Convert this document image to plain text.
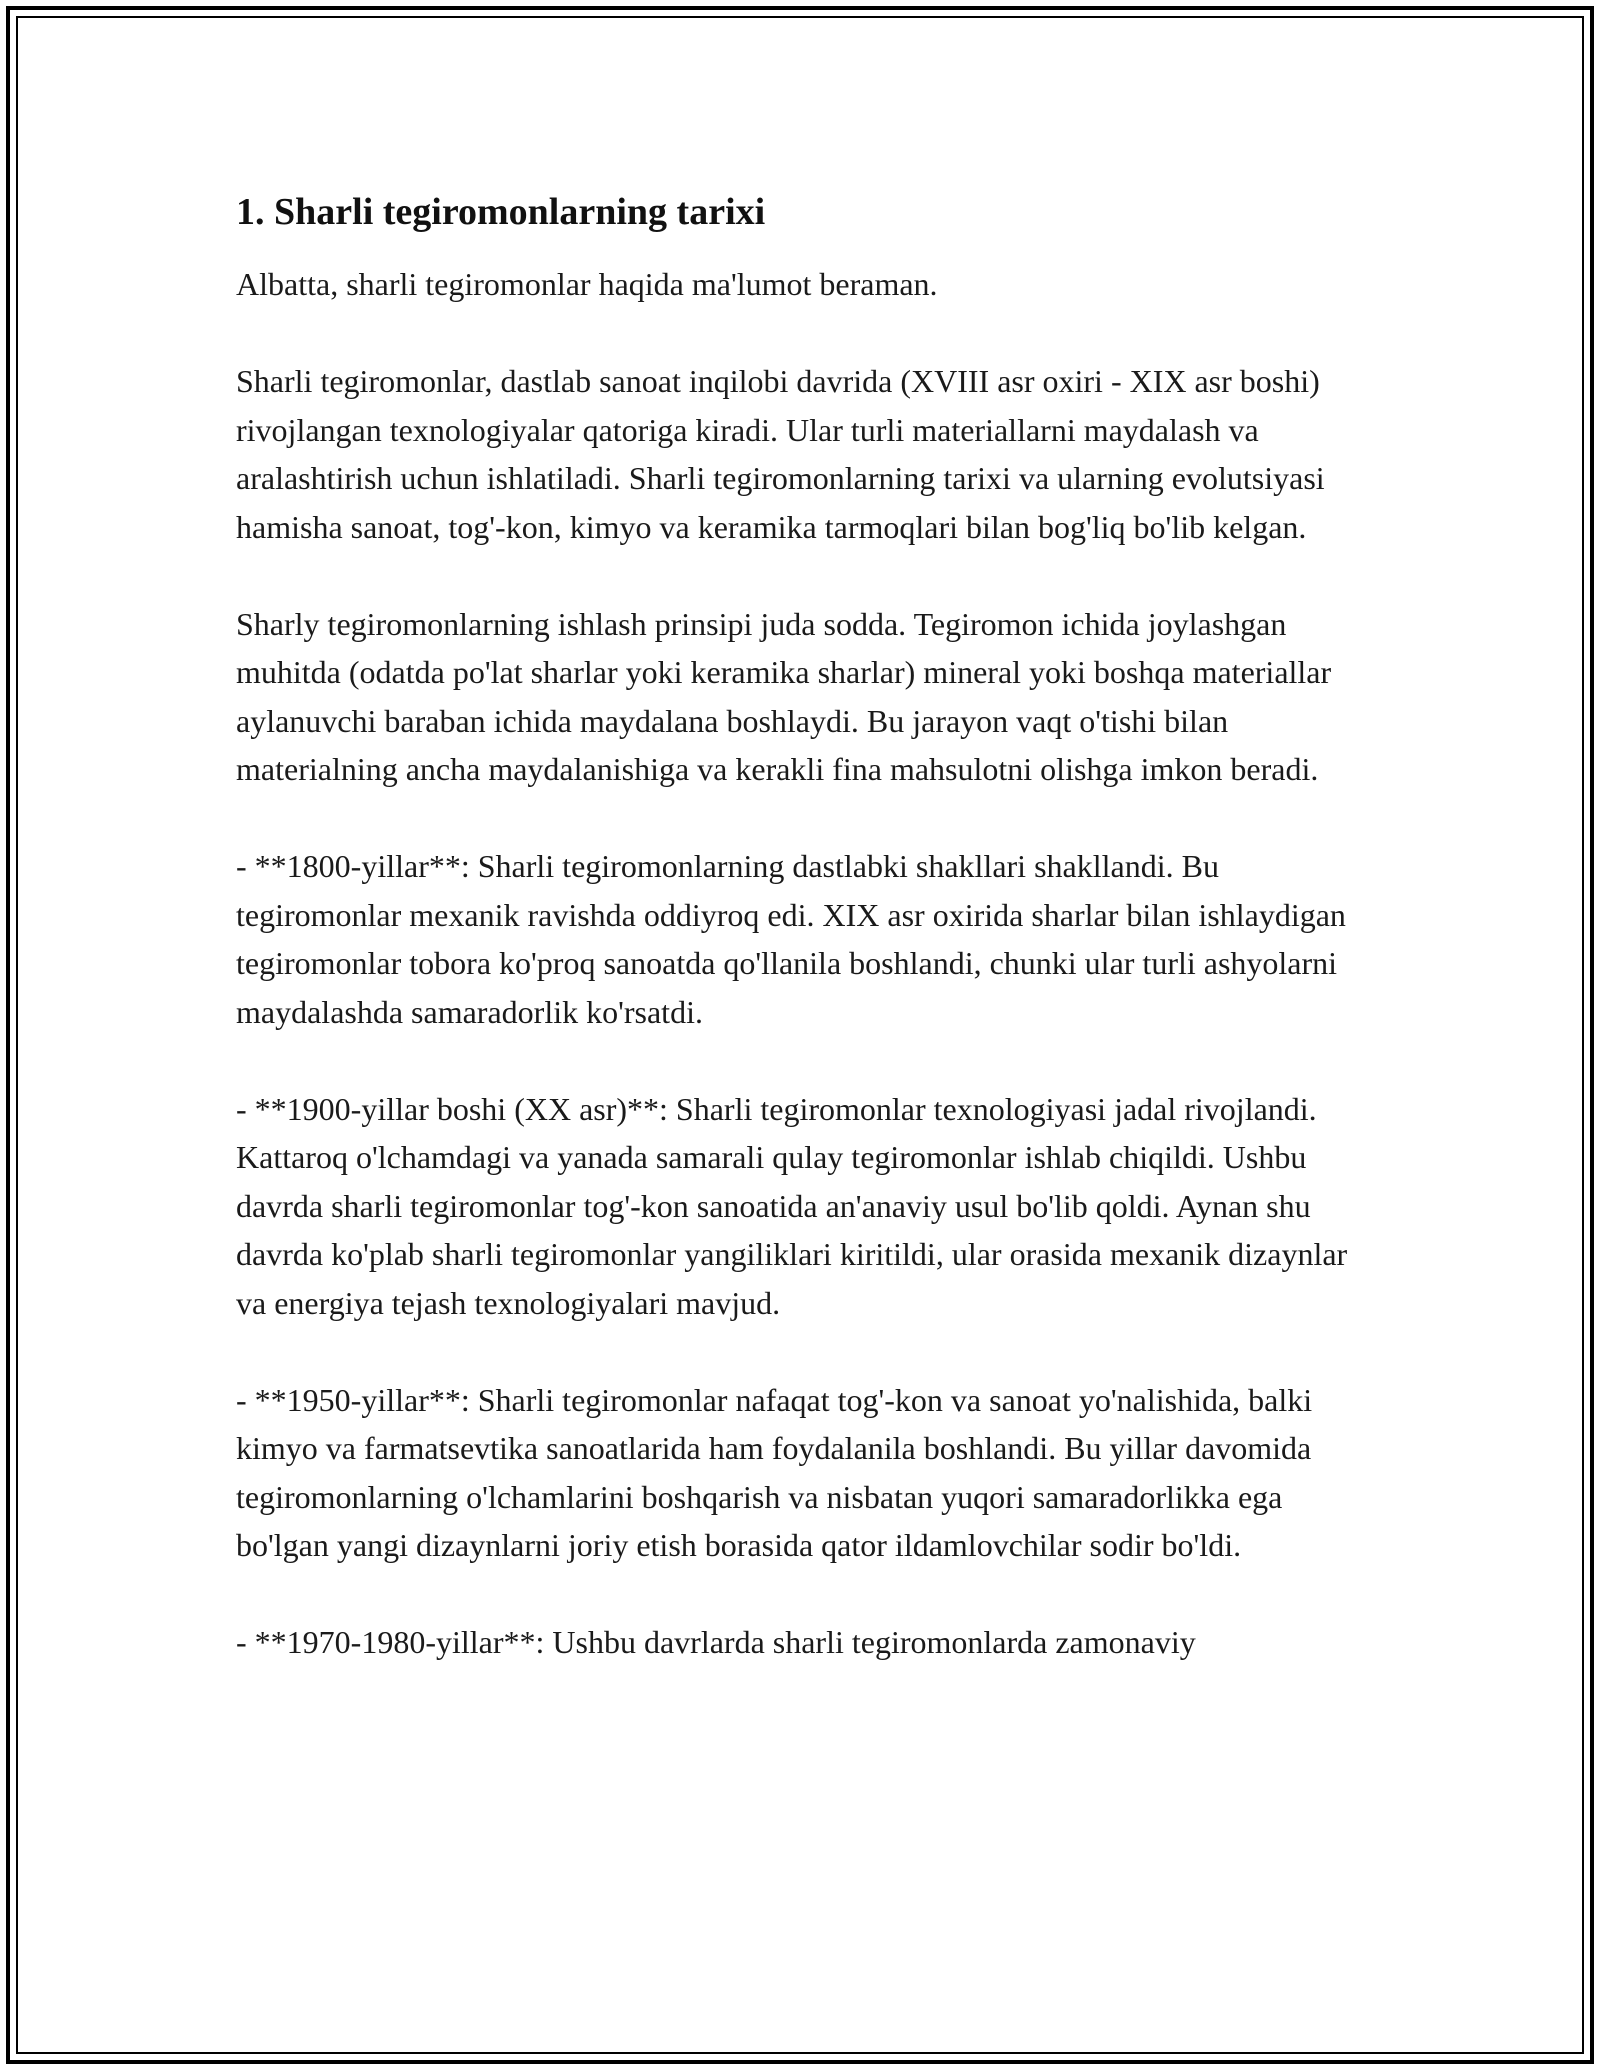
1. Sharli tegiromonlarning tarixi

Albatta, sharli tegiromonlar haqida ma'lumot beraman.

Sharli tegiromonlar, dastlab sanoat inqilobi davrida (XVIII asr oxiri - XIX asr boshi) rivojlangan texnologiyalar qatoriga kiradi. Ular turli materiallarni maydalash va aralashtirish uchun ishlatiladi. Sharli tegiromonlarning tarixi va ularning evolutsiyasi hamisha sanoat, tog'-kon, kimyo va keramika tarmoqlari bilan bog'liq bo'lib kelgan.

Sharly tegiromonlarning ishlash prinsipi juda sodda. Tegiromon ichida joylashgan muhitda (odatda po'lat sharlar yoki keramika sharlar) mineral yoki boshqa materiallar aylanuvchi baraban ichida maydalana boshlaydi. Bu jarayon vaqt o'tishi bilan materialning ancha maydalanishiga va kerakli fina mahsulotni olishga imkon beradi.

- **1800-yillar**: Sharli tegiromonlarning dastlabki shakllari shakllandi. Bu tegiromonlar mexanik ravishda oddiyroq edi. XIX asr oxirida sharlar bilan ishlaydigan tegiromonlar tobora ko'proq sanoatda qo'llanila boshlandi, chunki ular turli ashyolarni maydalashda samaradorlik ko'rsatdi.

- **1900-yillar boshi (XX asr)**: Sharli tegiromonlar texnologiyasi jadal rivojlandi. Kattaroq o'lchamdagi va yanada samarali qulay tegiromonlar ishlab chiqildi. Ushbu davrda sharli tegiromonlar tog'-kon sanoatida an'anaviy usul bo'lib qoldi. Aynan shu davrda ko'plab sharli tegiromonlar yangiliklari kiritildi, ular orasida mexanik dizaynlar va energiya tejash texnologiyalari mavjud.

- **1950-yillar**: Sharli tegiromonlar nafaqat tog'-kon va sanoat yo'nalishida, balki kimyo va farmatsevtika sanoatlarida ham foydalanila boshlandi. Bu yillar davomida tegiromonlarning o'lchamlarini boshqarish va nisbatan yuqori samaradorlikka ega bo'lgan yangi dizaynlarni joriy etish borasida qator ildamlovchilar sodir bo'ldi.

- **1970-1980-yillar**: Ushbu davrlarda sharli tegiromonlarda zamonaviy
